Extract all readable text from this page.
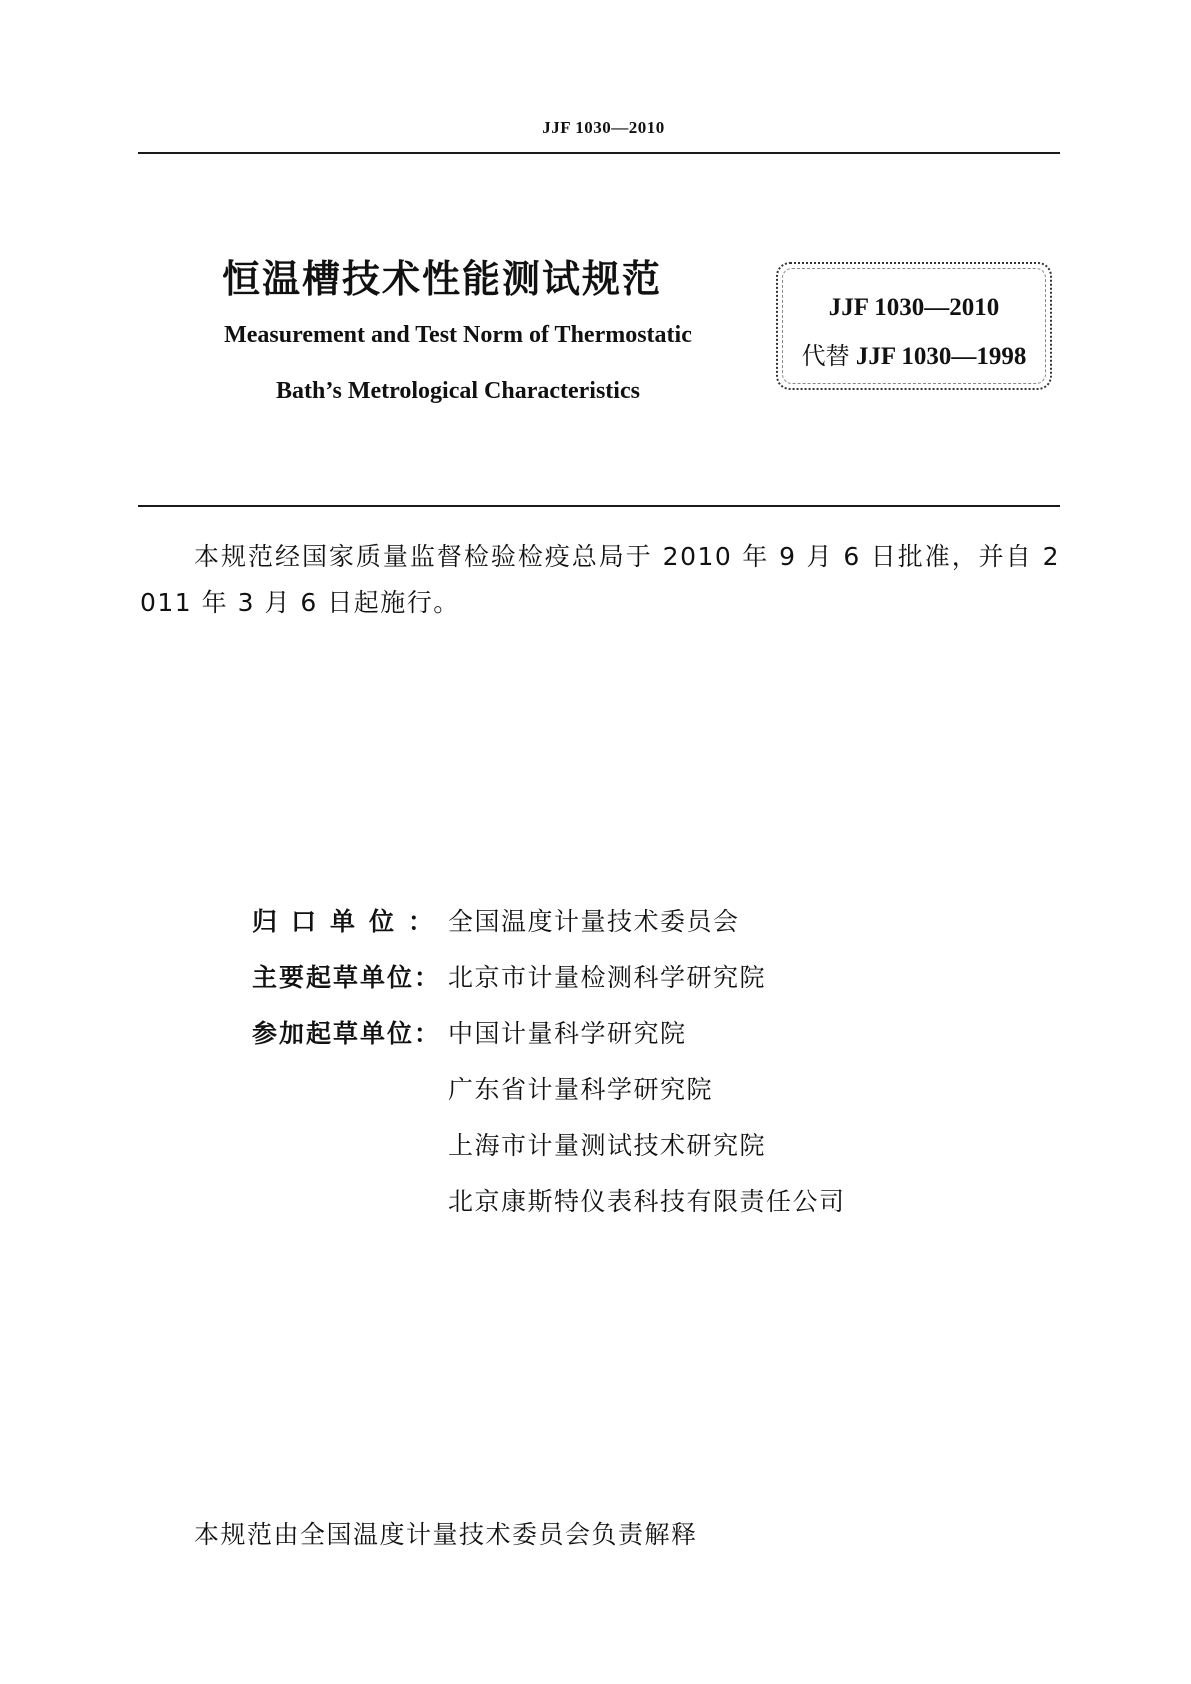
JJF 1030—2010
恒温槽技术性能测试规范
Measurement and Test Norm of Thermostatic
Bath’s Metrological Characteristics
JJF 1030—2010
代替 JJF 1030—1998
本规范经国家质量监督检验检疫总局于 2010 年 9 月 6 日批准，并自 2011 年 3 月 6 日起施行。
归口单位：全国温度计量技术委员会
主要起草单位： 北京市计量检测科学研究院
参加起草单位： 中国计量科学研究院
广东省计量科学研究院
上海市计量测试技术研究院
北京康斯特仪表科技有限责任公司
本规范由全国温度计量技术委员会负责解释
